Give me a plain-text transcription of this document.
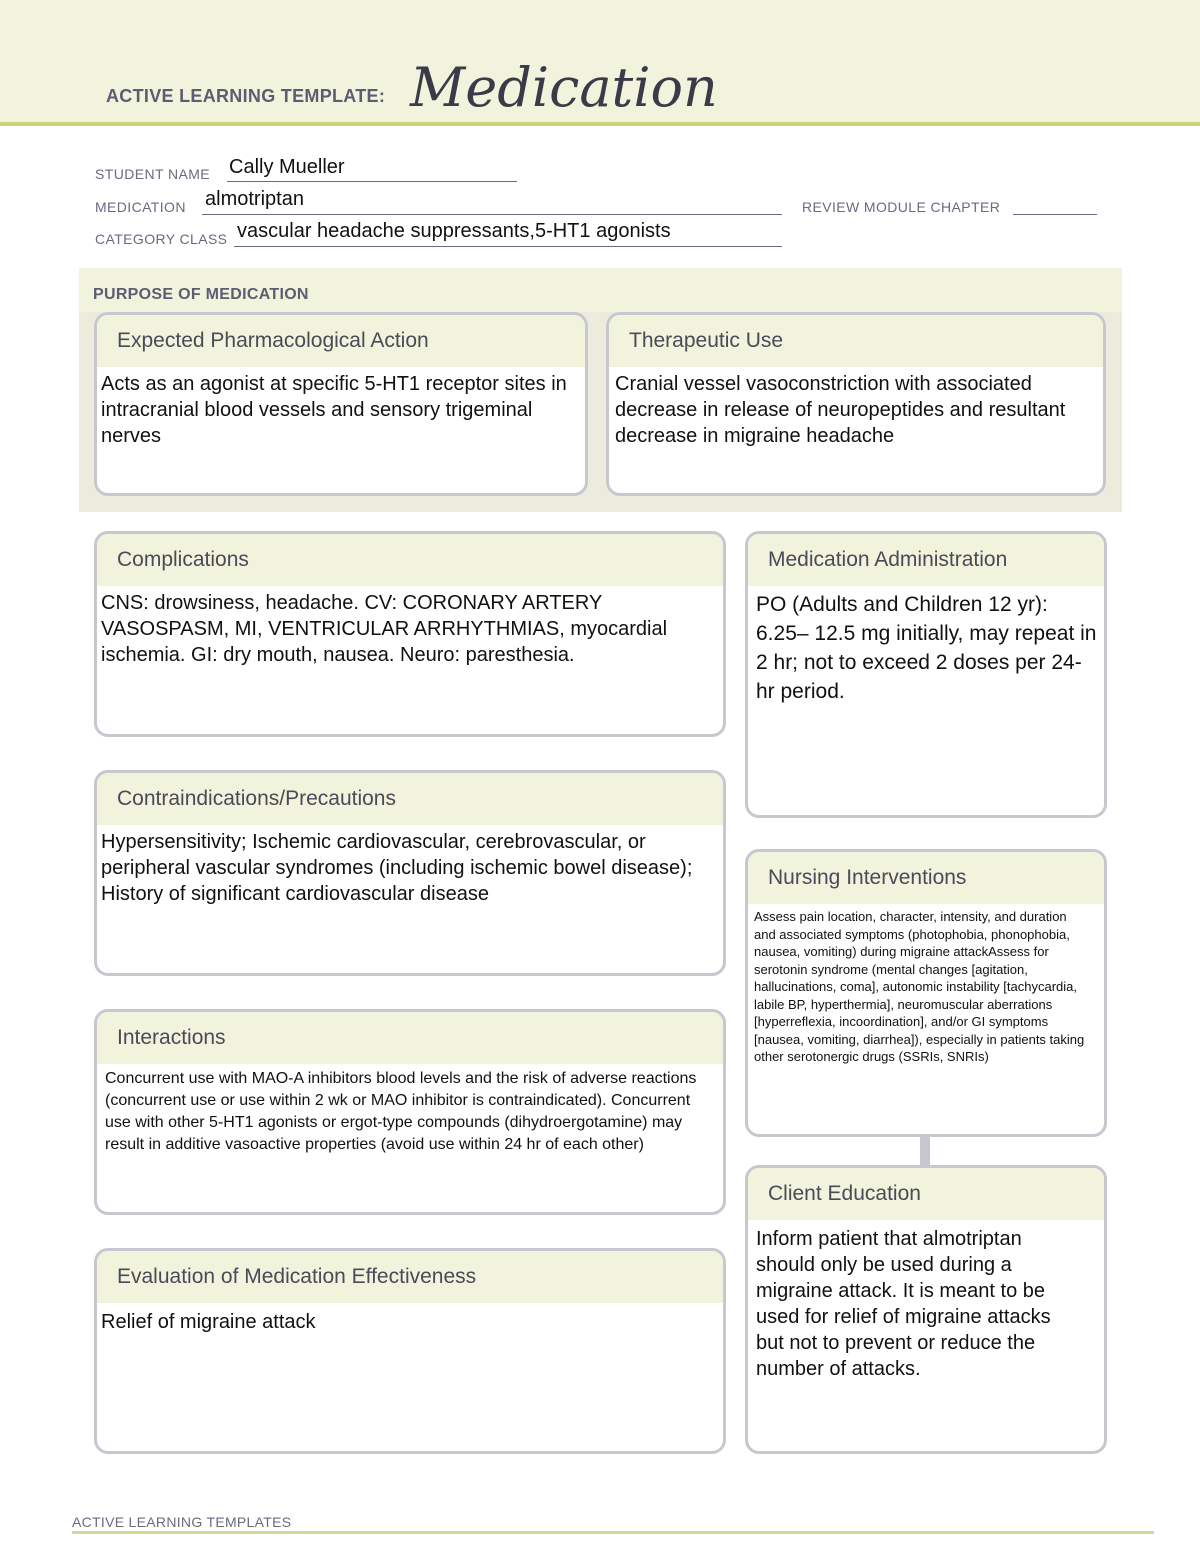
ACTIVE LEARNING TEMPLATE: Medication
STUDENT NAME Cally Mueller
MEDICATION almotriptan	REVIEW MODULE CHAPTER
CATEGORY CLASS vascular headache suppressants,5-HT1 agonists
PURPOSE OF MEDICATION
Expected Pharmacological Action
Acts as an agonist at specific 5-HT1 receptor sites in intracranial blood vessels and sensory trigeminal nerves
Therapeutic Use
Cranial vessel vasoconstriction with associated decrease in release of neuropeptides and resultant decrease in migraine headache
Complications
CNS: drowsiness, headache. CV: CORONARY ARTERY VASOSPASM, MI, VENTRICULAR ARRHYTHMIAS, myocardial ischemia. GI: dry mouth, nausea. Neuro: paresthesia.
Contraindications/Precautions
Hypersensitivity; Ischemic cardiovascular, cerebrovascular, or peripheral vascular syndromes (including ischemic bowel disease); History of significant cardiovascular disease
Interactions
Concurrent use with MAO-A inhibitors blood levels and the risk of adverse reactions (concurrent use or use within 2 wk or MAO inhibitor is contraindicated). Concurrent use with other 5-HT1 agonists or ergot-type compounds (dihydroergotamine) may result in additive vasoactive properties (avoid use within 24 hr of each other)
Evaluation of Medication Effectiveness
Relief of migraine attack
Medication Administration
PO (Adults and Children 12 yr): 6.25– 12.5 mg initially, may repeat in 2 hr; not to exceed 2 doses per 24-hr period.
Nursing Interventions
Assess pain location, character, intensity, and duration and associated symptoms (photophobia, phonophobia, nausea, vomiting) during migraine attackAssess for serotonin syndrome (mental changes [agitation, hallucinations, coma], autonomic instability [tachycardia, labile BP, hyperthermia], neuromuscular aberrations [hyperreflexia, incoordination], and/or GI symptoms [nausea, vomiting, diarrhea]), especially in patients taking other serotonergic drugs (SSRIs, SNRIs)
Client Education
Inform patient that almotriptan should only be used during a migraine attack. It is meant to be used for relief of migraine attacks but not to prevent or reduce the number of attacks.
ACTIVE LEARNING TEMPLATES
